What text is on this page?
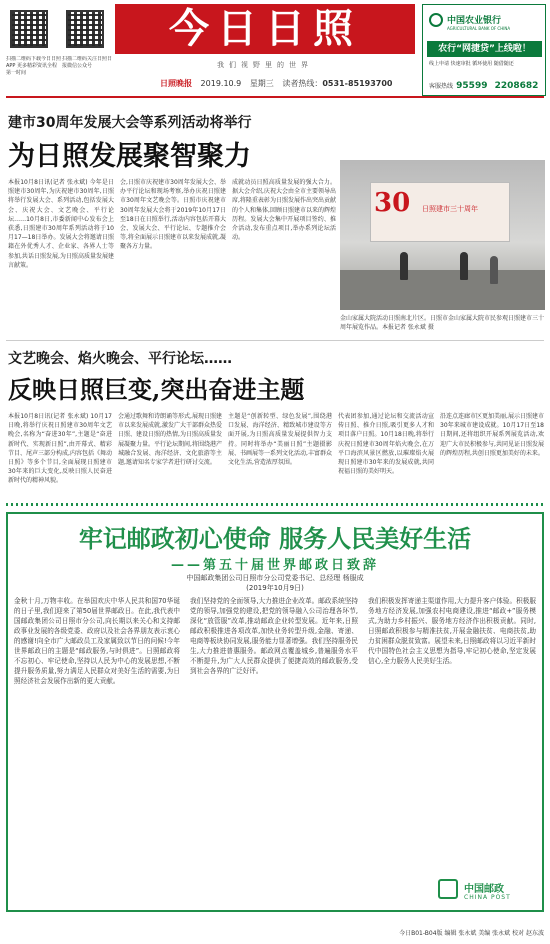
扫描二维码下载今日日照APP 更多精彩资讯全程第一时间
扫描二维码关注日照日报微信公众号
今日日照
我们视野里的世界
日照晚报 2019.10.9 星期三 读者热线：0531-85193700
中国农业银行
AGRICULTURAL BANK OF CHINA
农行“网捷贷”上线啦！
线上申请 快速审批 循环使用 随借随还
客服热线 95599 2208682
建市30周年发展大会等系列活动将举行
为日照发展聚智聚力
本报10月8日讯(记者 张永斌) 今年是日照建市30周年,为庆祝建市30周年,日照将举行发展大会、系列活动,包括发展大会、庆祝大会、文艺晚会、平行论坛……10月8日,市委新闻中心发布会上获悉,日照建市30周年系列活动将于10月17—18日举办。发展大会将邀请日照籍在外优秀人才、企业家、各界人士等参加,共话日照发展,为日照高质量发展建言献策。
会,日照市庆祝建市30周年发展大会、举办平行论坛和现场考察,举办庆祝日照建市30周年文艺晚会等。日照市庆祝建市30周年发展大会将于2019年10月17日至18日在日照举行,活动内容包括开幕大会、发展大会、平行论坛、专题推介会等,将全面展示日照建市以来发展成就,凝聚各方力量。
成就动员日照高质量发展的强大合力。据大会介绍,庆祝大会由全市主要领导出席,将隆重表彰为日照发展作出突出贡献的个人和集体,回顾日照建市以来的辉煌历程。发展大会集中开展项目签约、推介活动,发布重点项目,举办系列论坛活动。
30 日照建市三十周年
金山家属大院活动日照南北片区。日照市金山家属大院市民参观日照建市三十周年展览作品。本报记者 张永斌 摄
文艺晚会、焰火晚会、平行论坛……
反映日照巨变,突出奋进主题
本报10月8日讯(记者 张永斌) 10月17日晚,将举行庆祝日照建市30周年文艺晚会,名称为“奋进30年”,主题是“奋进新时代、实现新日照”,由开幕式、精彩节目、尾声三部分构成,内容包括《舞动日照》等多个节目,全面展现日照建市30年来的巨大变化,反映日照人民奋进新时代的精神风貌。
会通过歌舞和诗朗诵等形式,展现日照建市以来发展成就,激发广大干部群众热爱日照、建设日照的热情,为日照高质量发展凝聚力量。平行论坛期间,将围绕港产城融合发展、海洋经济、文化旅游等主题,邀请知名专家学者进行研讨交流。
主题是“创新转型、绿色发展”,围绕港口发展、海洋经济、精致城市建设等方面开展,为日照高质量发展提供智力支持。同时将举办“美丽日照”主题摄影展、书画展等一系列文化活动,丰富群众文化生活,营造浓厚氛围。
代表团参加,通过论坛和交流活动宣传日照、推介日照,吸引更多人才和项目落户日照。10月18日晚,将举行庆祝日照建市30周年焰火晚会,在万平口海滨风景区燃放,以璀璨焰火展现日照建市30年来的发展成就,共同祝福日照的美好明天。
沿连点连廊市区更加美丽,展示日照建市30年来城市建设成就。10月17日至18日期间,还将组织开展系列展览活动,欢迎广大市民积极参与,共同见证日照发展的辉煌历程,共创日照更加美好的未来。
牢记邮政初心使命 服务人民美好生活
——第五十届世界邮政日致辞
中国邮政集团公司日照市分公司党委书记、总经理 杨服成
(2019年10月9日)
金秋十月,万物丰收。在举国欢庆中华人民共和国70华诞的日子里,我们迎来了第50届世界邮政日。在此,我代表中国邮政集团公司日照市分公司,向长期以来关心和支持邮政事业发展的各级党委、政府以及社会各界朋友表示衷心的感谢!向全市广大邮政员工及家属致以节日的问候!今年世界邮政日的主题是“邮政服务,与时俱进”。日照邮政将不忘初心、牢记使命,坚持以人民为中心的发展思想,不断提升服务质量,努力满足人民群众对美好生活的需要,为日照经济社会发展作出新的更大贡献。
我们坚持党的全面领导,大力推进企业改革。邮政系统坚持党的领导,加强党的建设,把党的领导融入公司治理各环节,深化“放管服”改革,推动邮政企业转型发展。近年来,日照邮政积极推进各项改革,加快业务转型升级,金融、寄递、电商等板块协同发展,服务能力显著增强。我们坚持服务民生,大力推进普惠服务。邮政网点覆盖城乡,普遍服务水平不断提升,为广大人民群众提供了便捷高效的邮政服务,受到社会各界的广泛好评。
我们积极发挥寄递主渠道作用,大力提升客户体验。积极服务地方经济发展,加强农村电商建设,推进“邮政+”服务模式,为助力乡村振兴、服务地方经济作出积极贡献。同时,日照邮政积极参与精准扶贫,开展金融扶贫、电商扶贫,助力贫困群众脱贫致富。展望未来,日照邮政将以习近平新时代中国特色社会主义思想为指导,牢记初心使命,坚定发展信心,全力服务人民美好生活。
中国邮政
CHINA POST
今日B01-B04版 编辑 张永斌 美编 张永斌 校对 赵东波
